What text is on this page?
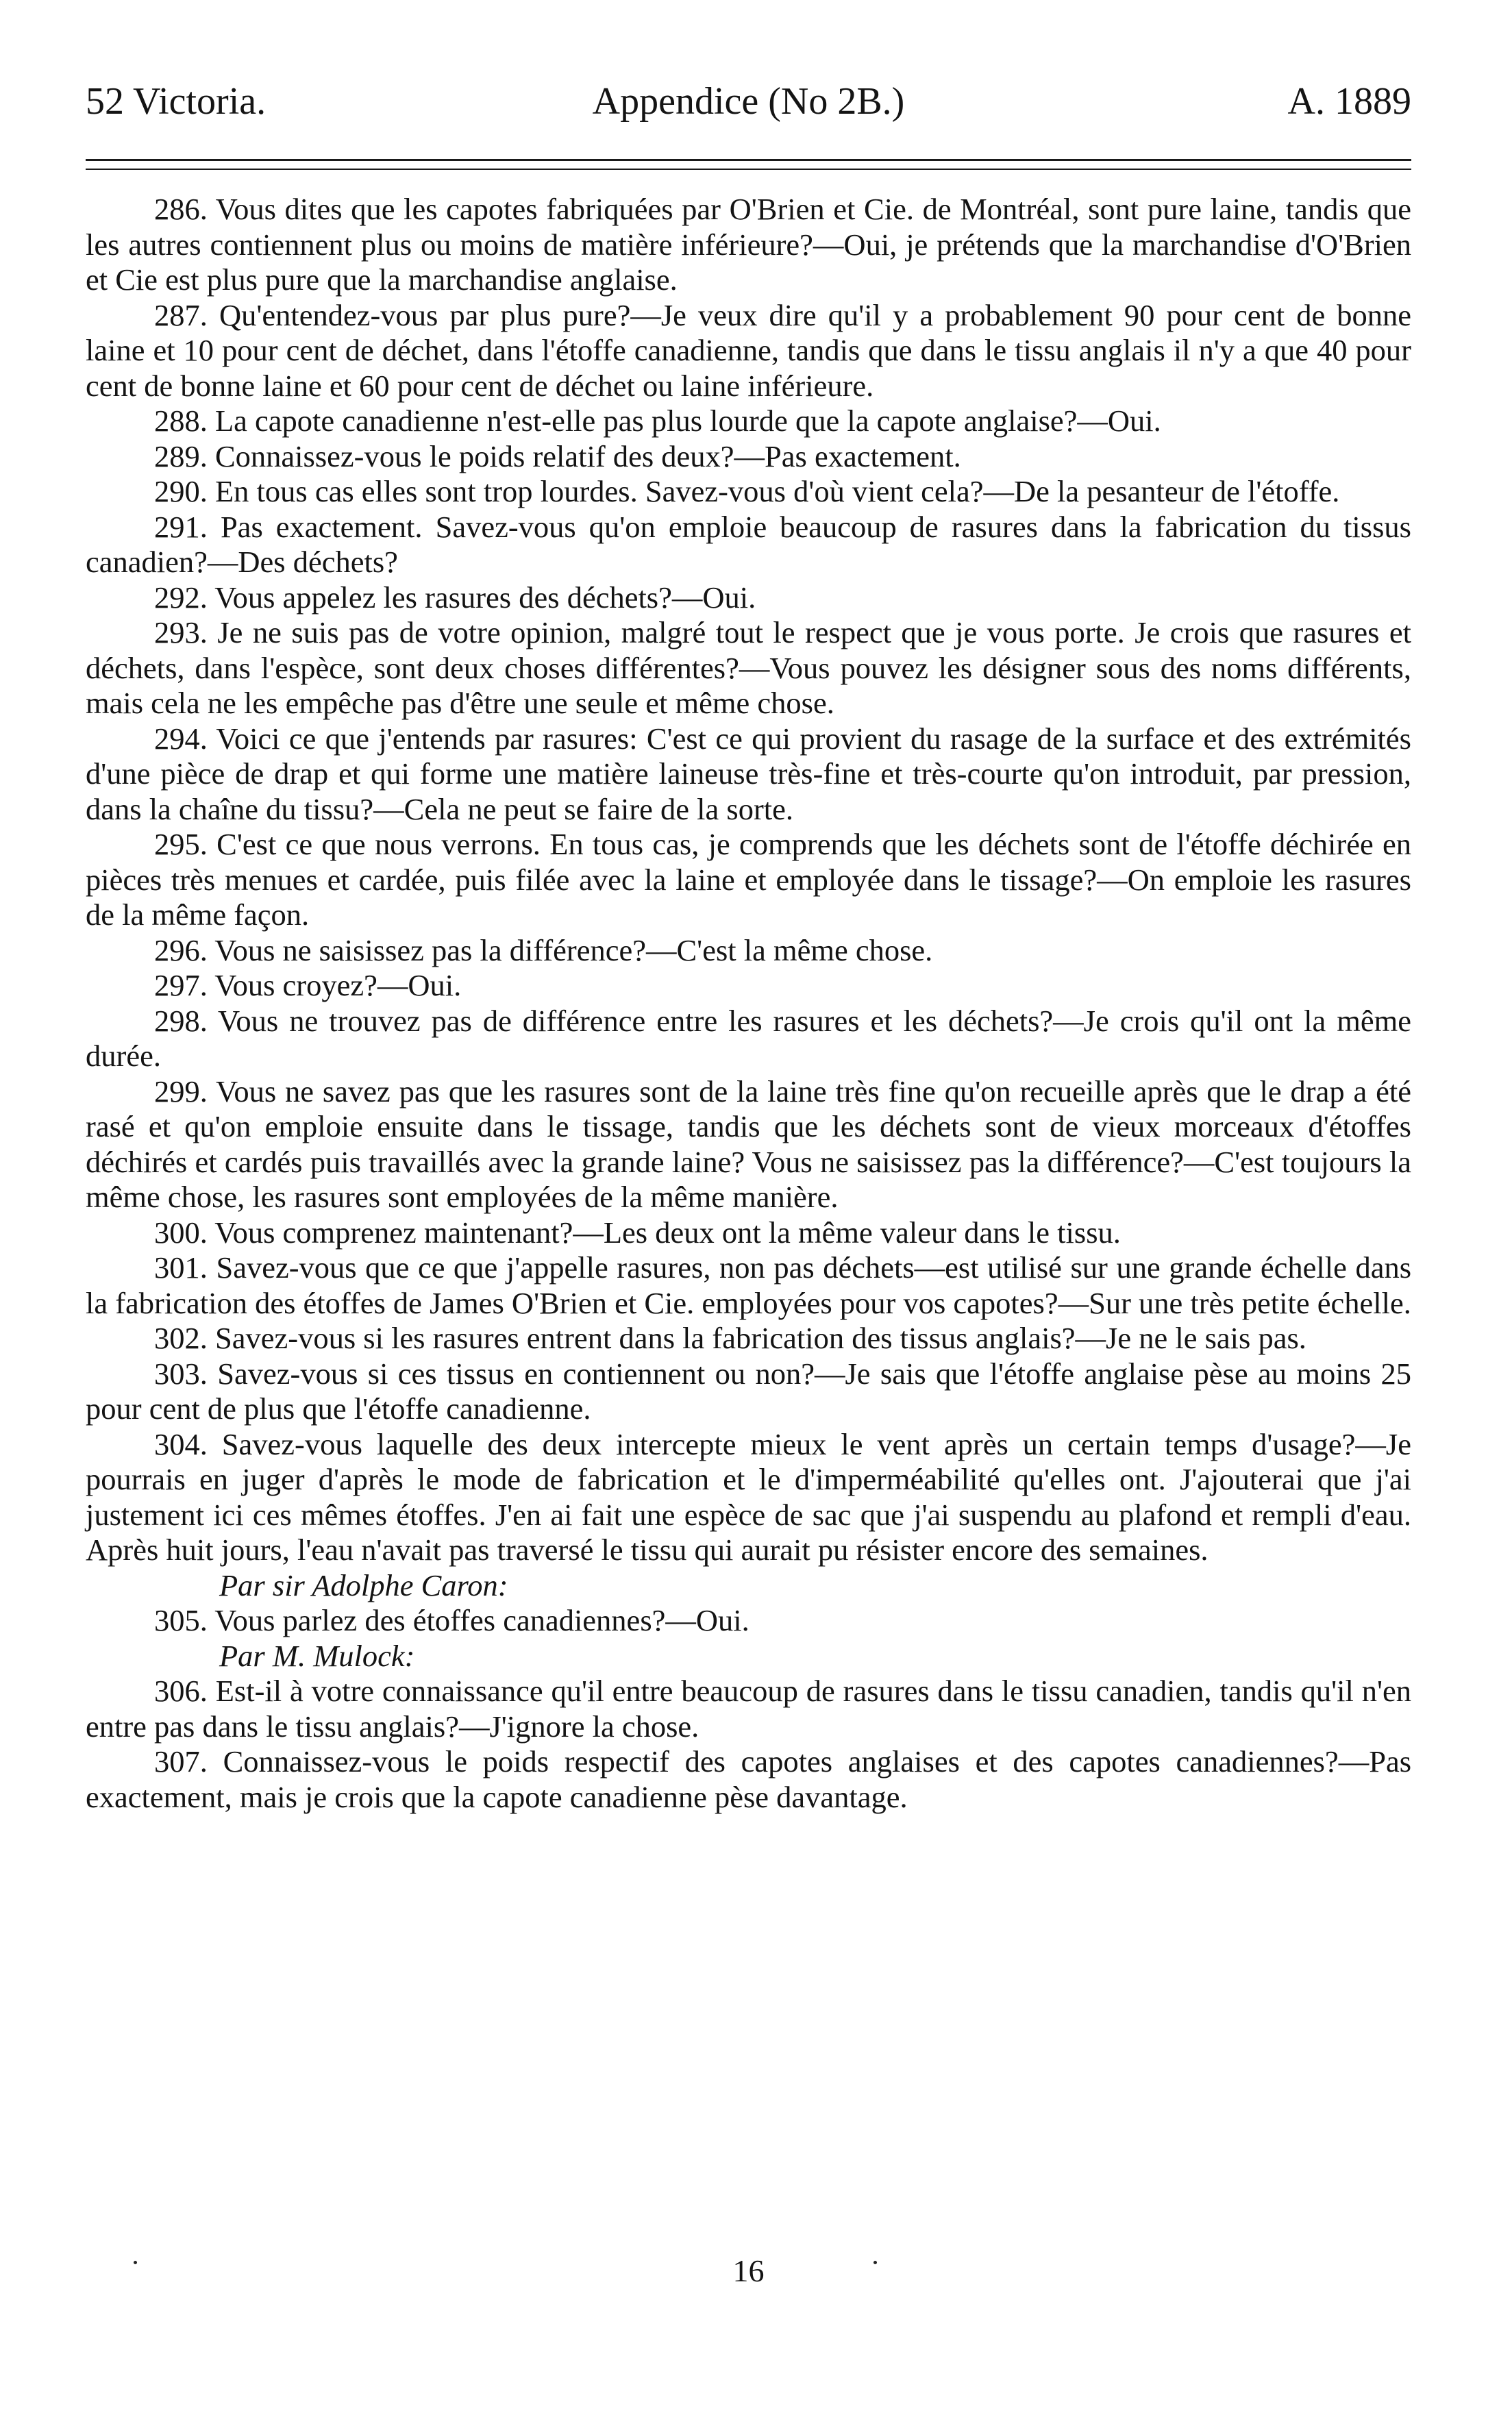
52 Victoria.	Appendice (No 2B.)	A. 1889

286. Vous dites que les capotes fabriquées par O'Brien et Cie. de Montréal, sont pure laine, tandis que les autres contiennent plus ou moins de matière inférieure?—Oui, je prétends que la marchandise d'O'Brien et Cie est plus pure que la marchandise anglaise.

287. Qu'entendez-vous par plus pure?—Je veux dire qu'il y a probablement 90 pour cent de bonne laine et 10 pour cent de déchet, dans l'étoffe canadienne, tandis que dans le tissu anglais il n'y a que 40 pour cent de bonne laine et 60 pour cent de déchet ou laine inférieure.

288. La capote canadienne n'est-elle pas plus lourde que la capote anglaise?—Oui.

289. Connaissez-vous le poids relatif des deux?—Pas exactement.

290. En tous cas elles sont trop lourdes. Savez-vous d'où vient cela?—De la pesanteur de l'étoffe.

291. Pas exactement. Savez-vous qu'on emploie beaucoup de rasures dans la fabrication du tissus canadien?—Des déchets?

292. Vous appelez les rasures des déchets?—Oui.

293. Je ne suis pas de votre opinion, malgré tout le respect que je vous porte. Je crois que rasures et déchets, dans l'espèce, sont deux choses différentes?—Vous pouvez les désigner sous des noms différents, mais cela ne les empêche pas d'être une seule et même chose.

294. Voici ce que j'entends par rasures: C'est ce qui provient du rasage de la surface et des extrémités d'une pièce de drap et qui forme une matière laineuse très-fine et très-courte qu'on introduit, par pression, dans la chaîne du tissu?—Cela ne peut se faire de la sorte.

295. C'est ce que nous verrons. En tous cas, je comprends que les déchets sont de l'étoffe déchirée en pièces très menues et cardée, puis filée avec la laine et employée dans le tissage?—On emploie les rasures de la même façon.

296. Vous ne saisissez pas la différence?—C'est la même chose.

297. Vous croyez?—Oui.

298. Vous ne trouvez pas de différence entre les rasures et les déchets?—Je crois qu'il ont la même durée.

299. Vous ne savez pas que les rasures sont de la laine très fine qu'on recueille après que le drap a été rasé et qu'on emploie ensuite dans le tissage, tandis que les déchets sont de vieux morceaux d'étoffes déchirés et cardés puis travaillés avec la grande laine? Vous ne saisissez pas la différence?—C'est toujours la même chose, les rasures sont employées de la même manière.

300. Vous comprenez maintenant?—Les deux ont la même valeur dans le tissu.

301. Savez-vous que ce que j'appelle rasures, non pas déchets—est utilisé sur une grande échelle dans la fabrication des étoffes de James O'Brien et Cie. employées pour vos capotes?—Sur une très petite échelle.

302. Savez-vous si les rasures entrent dans la fabrication des tissus anglais?—Je ne le sais pas.

303. Savez-vous si ces tissus en contiennent ou non?—Je sais que l'étoffe anglaise pèse au moins 25 pour cent de plus que l'étoffe canadienne.

304. Savez-vous laquelle des deux intercepte mieux le vent après un certain temps d'usage?—Je pourrais en juger d'après le mode de fabrication et le d'imperméabilité qu'elles ont. J'ajouterai que j'ai justement ici ces mêmes étoffes. J'en ai fait une espèce de sac que j'ai suspendu au plafond et rempli d'eau. Après huit jours, l'eau n'avait pas traversé le tissu qui aurait pu résister encore des semaines.

Par sir Adolphe Caron:

305. Vous parlez des étoffes canadiennes?—Oui.

Par M. Mulock:

306. Est-il à votre connaissance qu'il entre beaucoup de rasures dans le tissu canadien, tandis qu'il n'en entre pas dans le tissu anglais?—J'ignore la chose.

307. Connaissez-vous le poids respectif des capotes anglaises et des capotes canadiennes?—Pas exactement, mais je crois que la capote canadienne pèse davantage.

16
